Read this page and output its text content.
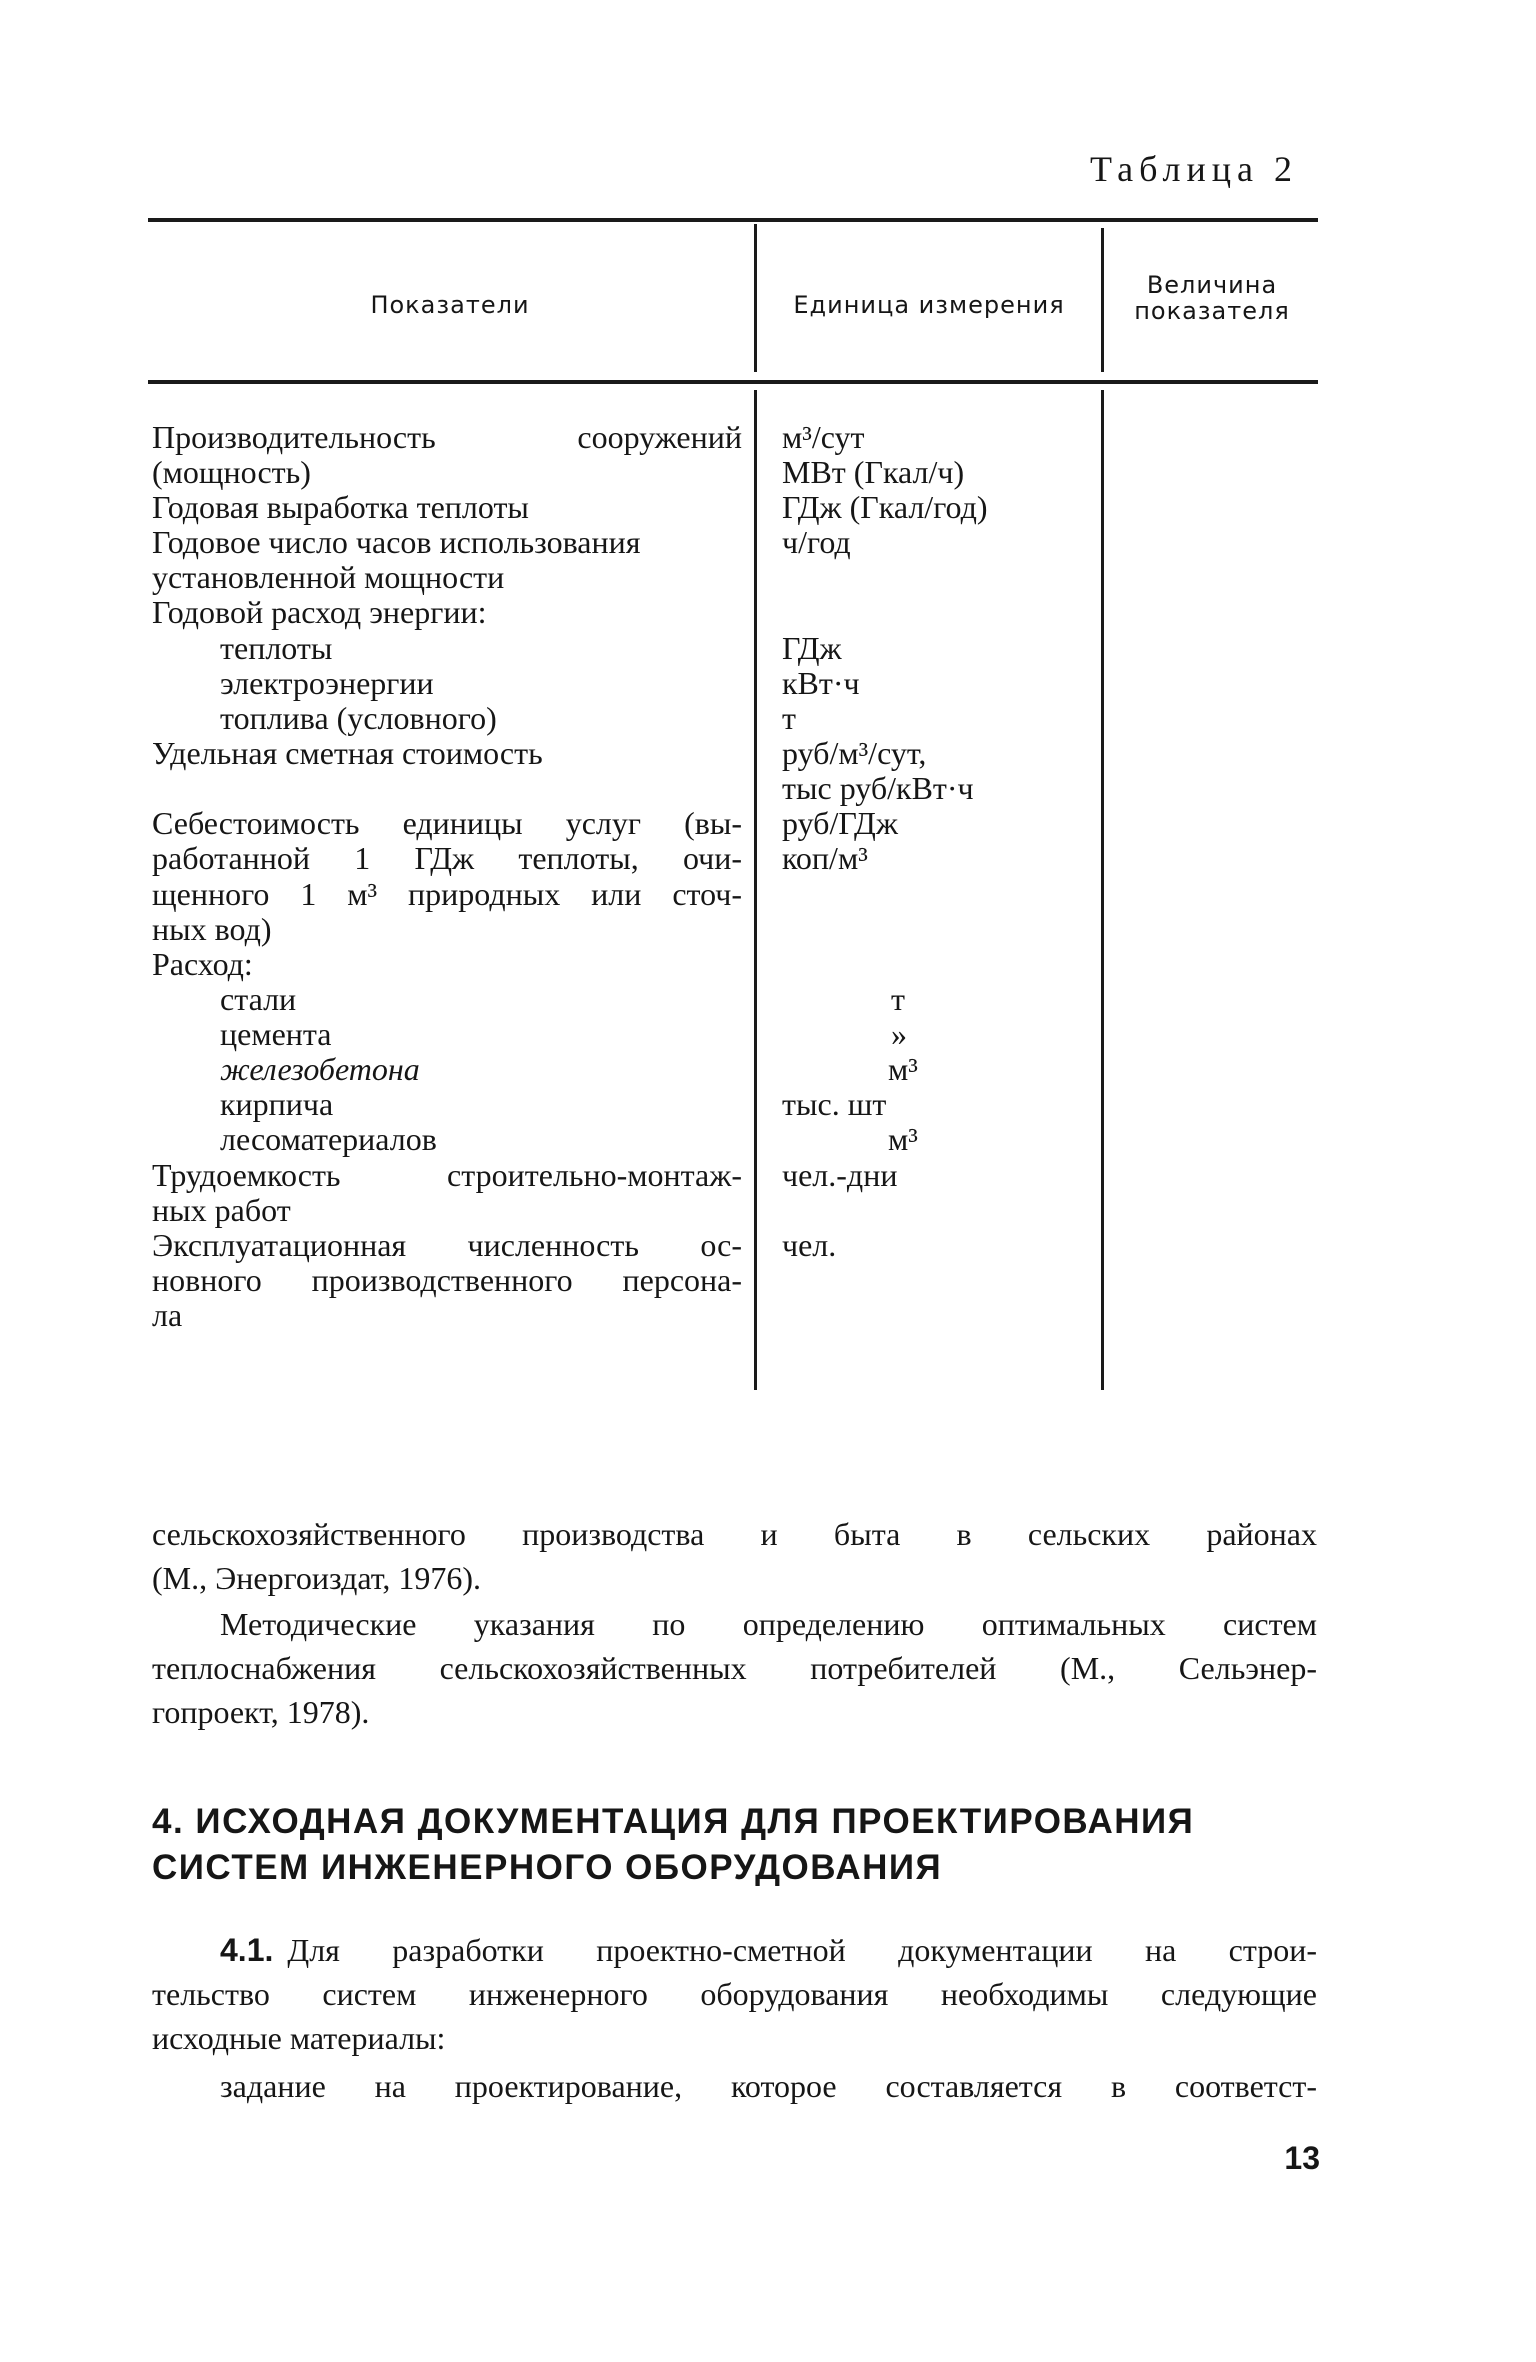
Таблица 2
Показатели	Единица измерения
Величина
показателя
Производительность сооружений
(мощность)
Годовая выработка теплоты
Годовое число часов использования
установленной мощности
Годовой расход энергии:
теплоты
электроэнергии
топлива (условного)
Удельная сметная стоимость
Себестоимость единицы услуг (вы-
работанной 1 ГДж теплоты, очи-
щенного 1 м³ природных или сточ-
ных вод)
Расход:
стали
цемента
железобетона
кирпича
лесоматериалов
Трудоемкость строительно-монтаж-
ных работ
Эксплуатационная численность ос-
новного производственного персона-
ла
м³/сут
МВт (Гкал/ч)
ГДж (Гкал/год)
ч/год
ГДж
кВт·ч
т
руб/м³/сут,
тыс руб/кВт·ч
руб/ГДж
коп/м³
т
»
м³
тыс. шт
м³
чел.-дни
чел.
сельскохозяйственного производства и быта в сельских районах
(М., Энергоиздат, 1976).
Методические указания по определению оптимальных систем
теплоснабжения сельскохозяйственных потребителей (М., Сельэнер-
гопроект, 1978).
4. ИСХОДНАЯ ДОКУМЕНТАЦИЯ ДЛЯ ПРОЕКТИРОВАНИЯ
СИСТЕМ ИНЖЕНЕРНОГО ОБОРУДОВАНИЯ
4.1. Для разработки проектно-сметной документации на строи-
тельство систем инженерного оборудования необходимы следующие
исходные материалы:
задание на проектирование, которое составляется в соответст-
13
